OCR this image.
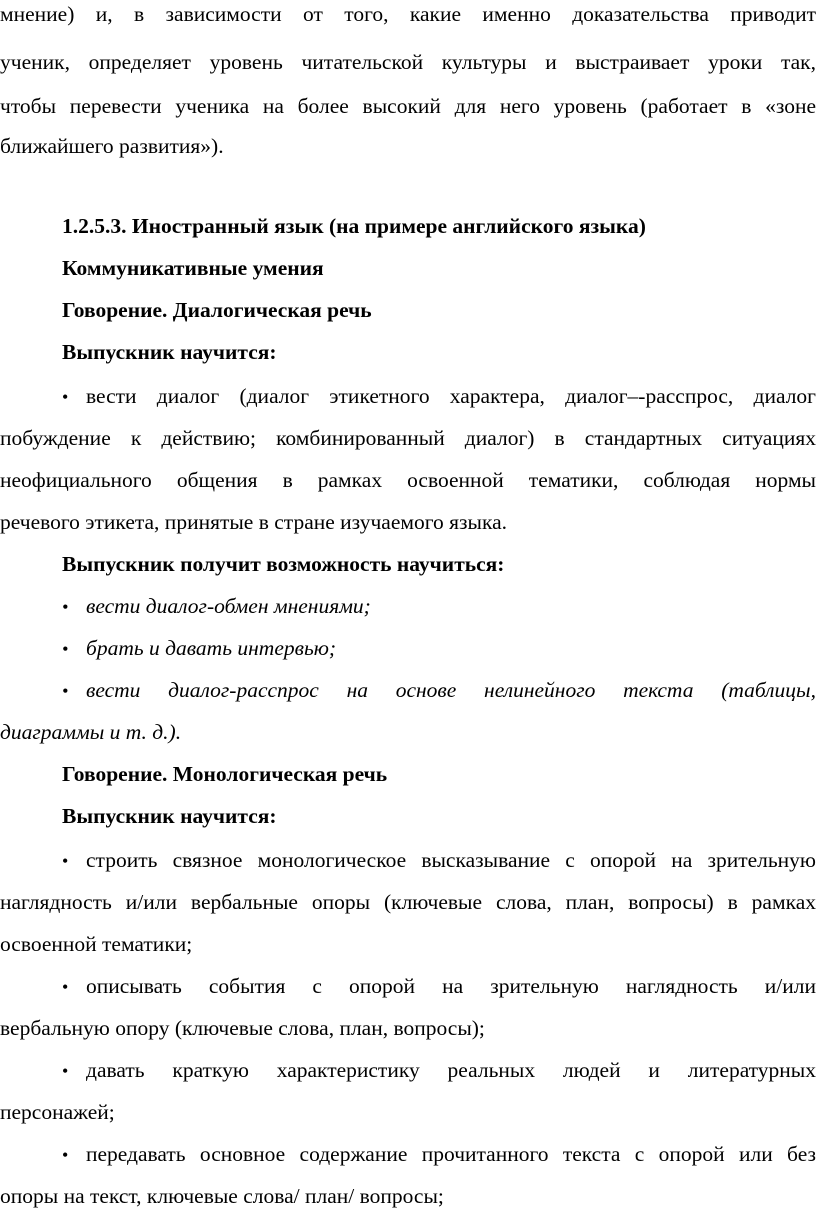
мнение) и, в зависимости от того, какие именно доказательства приводит
ученик, определяет уровень читательской культуры и выстраивает уроки так,
чтобы перевести ученика на более высокий для него уровень (работает в «зоне
ближайшего развития»).
1.2.5.3. Иностранный язык (на примере английского языка)
Коммуникативные умения
Говорение. Диалогическая речь
Выпускник научится:
• вести диалог (диалог этикетного характера, диалог–-расспрос, диалог
побуждение к действию; комбинированный диалог) в стандартных ситуациях
неофициального общения в рамках освоенной тематики, соблюдая нормы
речевого этикета, принятые в стране изучаемого языка.
Выпускник получит возможность научиться:
• вести диалог-обмен мнениями;
• брать и давать интервью;
• вести диалог-расспрос на основе нелинейного текста (таблицы,
диаграммы и т. д.).
Говорение. Монологическая речь
Выпускник научится:
• строить связное монологическое высказывание с опорой на зрительную
наглядность и/или вербальные опоры (ключевые слова, план, вопросы) в рамках
освоенной тематики;
• описывать события с опорой на зрительную наглядность и/или
вербальную опору (ключевые слова, план, вопросы);
• давать краткую характеристику реальных людей и литературных
персонажей;
• передавать основное содержание прочитанного текста с опорой или без
опоры на текст, ключевые слова/ план/ вопросы;
